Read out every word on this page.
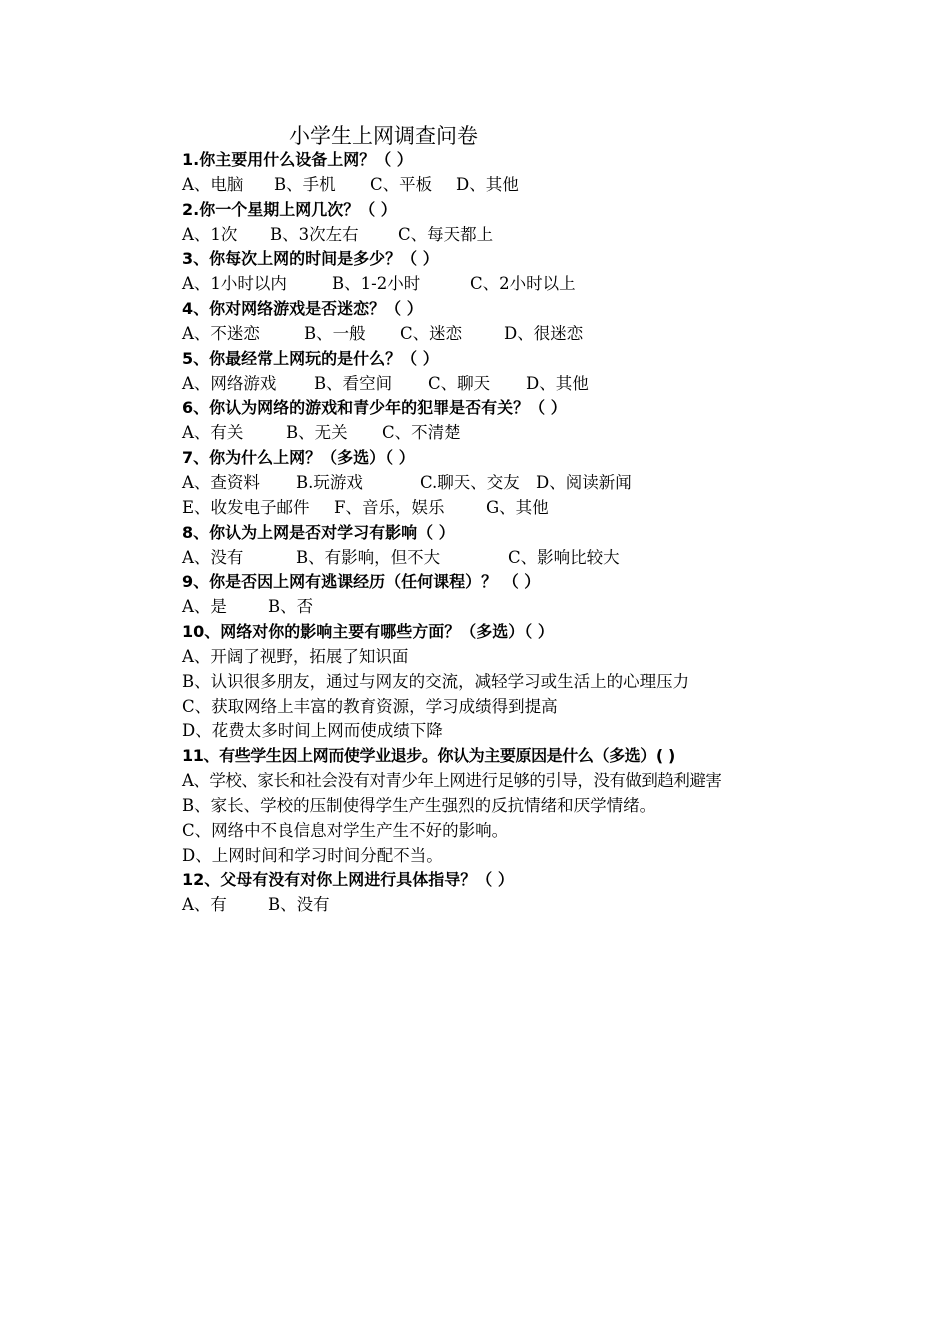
小学生上网调查问卷
1.你主要用什么设备上网？（ ）
A、电脑 B、手机 C、平板 D、其他
2.你一个星期上网几次？（ ）
A、1次 B、3次左右 C、每天都上
3、你每次上网的时间是多少？（ ）
A、1小时以内	B、1-2小时	C、2小时以上
4、你对网络游戏是否迷恋？（ ）
A、不迷恋	B、一般 C、迷恋	D、很迷恋
5、你最经常上网玩的是什么？（ ）
A、网络游戏 B、看空间 C、聊天 D、其他
6、你认为网络的游戏和青少年的犯罪是否有关？（ ）
A、有关	B、无关 C、不清楚
7、你为什么上网？（多选）（ ）
A、查资料 B.玩游戏	C.聊天、交友 D、阅读新闻
E、收发电子邮件 F、音乐，娱乐	G、其他
8、你认为上网是否对学习有影响（ ）
A、没有	B、有影响，但不大	C、影响比较大
9、你是否因上网有逃课经历（任何课程）？ （ ）
A、是 B、否
10、网络对你的影响主要有哪些方面？（多选）（ ）
A、开阔了视野，拓展了知识面
B、认识很多朋友，通过与网友的交流，减轻学习或生活上的心理压力
C、获取网络上丰富的教育资源，学习成绩得到提高
D、花费太多时间上网而使成绩下降
11、有些学生因上网而使学业退步。你认为主要原因是什么（多选）( )
A、学校、家长和社会没有对青少年上网进行足够的引导，没有做到趋利避害
B、家长、学校的压制使得学生产生强烈的反抗情绪和厌学情绪。
C、网络中不良信息对学生产生不好的影响。
D、上网时间和学习时间分配不当。
12、父母有没有对你上网进行具体指导？（ ）
A、有 B、没有
